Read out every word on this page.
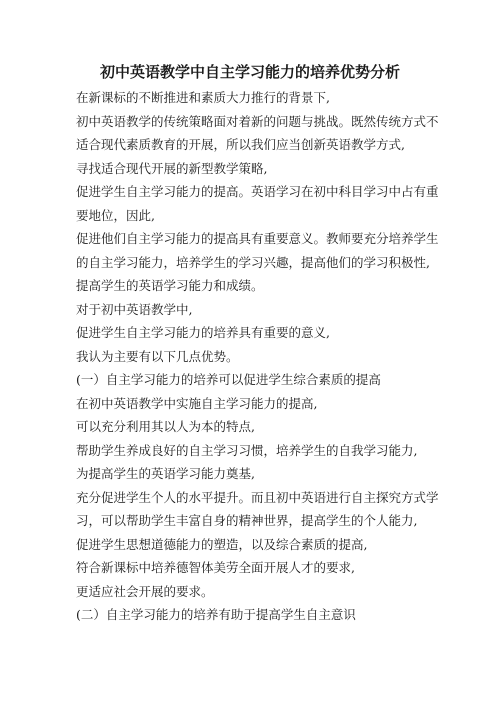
初中英语教学中自主学习能力的培养优势分析
在新课标的不断推进和素质大力推行的背景下,
初中英语教学的传统策略面对着新的问题与挑战。既然传统方式不
适合现代素质教育的开展，所以我们应当创新英语教学方式,
寻找适合现代开展的新型教学策略,
促进学生自主学习能力的提高。英语学习在初中科目学习中占有重
要地位，因此,
促进他们自主学习能力的提高具有重要意义。教师要充分培养学生
的自主学习能力，培养学生的学习兴趣，提高他们的学习积极性,
提高学生的英语学习能力和成绩。
对于初中英语教学中,
促进学生自主学习能力的培养具有重要的意义,
我认为主要有以下几点优势。
(一）自主学习能力的培养可以促进学生综合素质的提高
在初中英语教学中实施自主学习能力的提高,
可以充分利用其以人为本的特点,
帮助学生养成良好的自主学习习惯，培养学生的自我学习能力,
为提高学生的英语学习能力奠基,
充分促进学生个人的水平提升。而且初中英语进行自主探究方式学
习，可以帮助学生丰富自身的精神世界，提高学生的个人能力,
促进学生思想道德能力的塑造，以及综合素质的提高,
符合新课标中培养德智体美劳全面开展人才的要求,
更适应社会开展的要求。
(二）自主学习能力的培养有助于提高学生自主意识
